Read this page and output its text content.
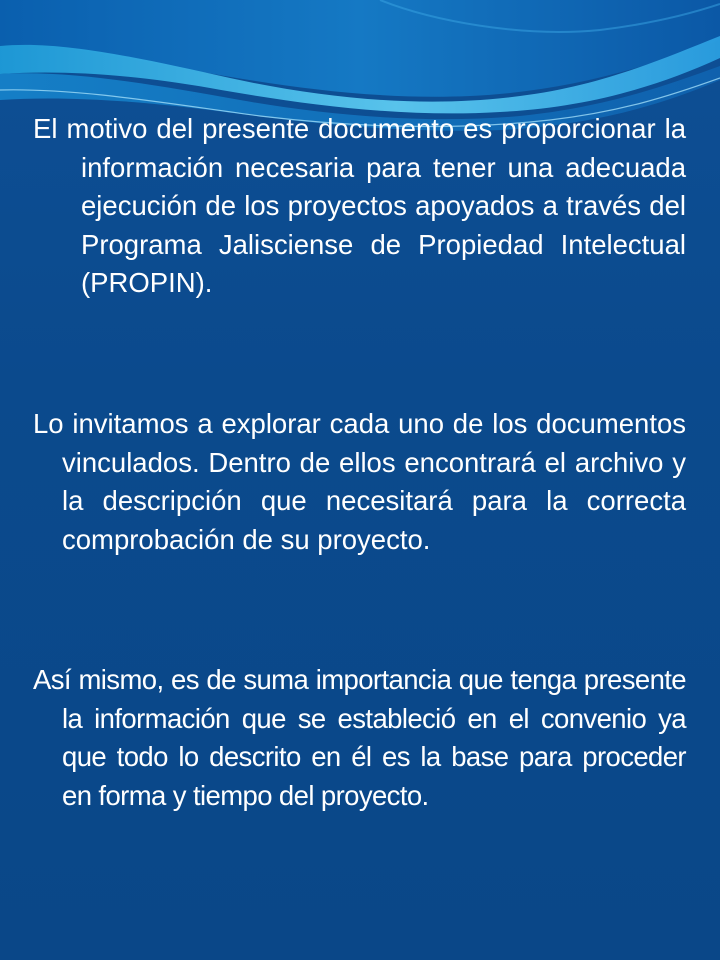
El motivo del presente documento es proporcionar la información necesaria para tener una adecuada ejecución de los proyectos apoyados a través del Programa Jalisciense de Propiedad Intelectual (PROPIN).

Lo invitamos a explorar cada uno de los documentos vinculados. Dentro de ellos encontrará el archivo y la descripción que necesitará para la correcta comprobación de su proyecto.

Así mismo, es de suma importancia que tenga presente la información que se estableció en el convenio ya que todo lo descrito en él es la base para proceder en forma y tiempo del proyecto.
